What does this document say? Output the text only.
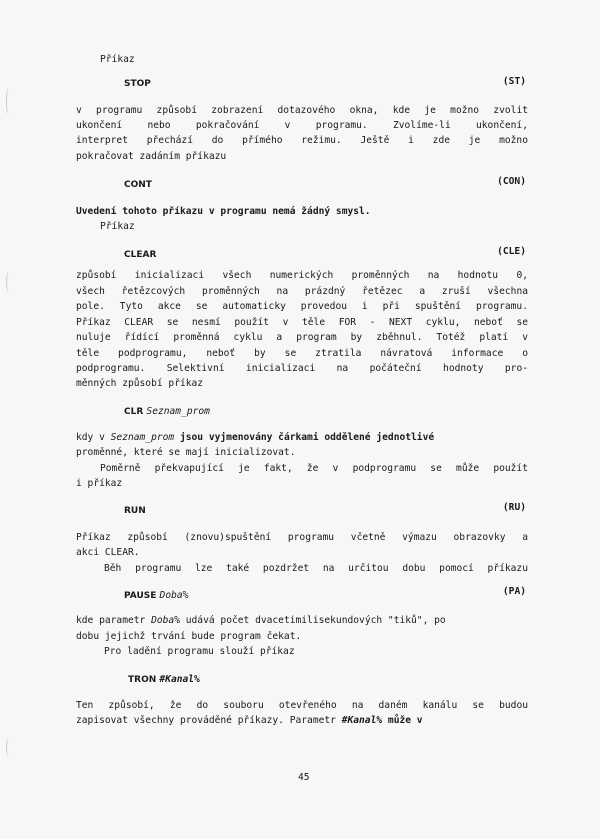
Příkaz

STOP	(ST)

v programu způsobí zobrazení dotazového okna, kde je možno zvolit

ukončení nebo pokračování v programu. Zvolíme-li ukončení,

interpret přechází do přímého režimu. Ještě i zde je možno

pokračovat zadáním příkazu

CONT	(CON)

Uvedení tohoto příkazu v programu nemá žádný smysl.

Příkaz

CLEAR	(CLE)

způsobí inicializaci všech numerických proměnných na hodnotu 0,

všech řetězcových proměnných na prázdný řetězec a zruší všechna

pole. Tyto akce se automaticky provedou i při spuštění programu.

Příkaz CLEAR se nesmí použít v těle FOR - NEXT cyklu, neboť se

nuluje řídící proměnná cyklu a program by zběhnul. Totéž platí v

těle podprogramu, neboť by se ztratila návratová informace o

podprogramu. Selektivní inicializaci na počáteční hodnoty pro-

měnných způsobí příkaz

CLR Seznam_prom

kdy v Seznam_prom jsou vyjmenovány čárkami oddělené jednotlivé

proměnné, které se mají inicializovat.

Poměrně překvapující je fakt, že v podprogramu se může použít

i příkaz

RUN	(RU)

Příkaz způsobí (znovu)spuštění programu včetně výmazu obrazovky a

akci CLEAR.

Běh programu lze také pozdržet na určitou dobu pomocí příkazu

PAUSE Doba%	(PA)

kde parametr Doba% udává počet dvacetimilisekundových "tiků", po

dobu jejichž trvání bude program čekat.

Pro ladění programu slouží příkaz

TRON #Kanal%

Ten způsobí, že do souboru otevřeného na daném kanálu se budou

zapisovat všechny prováděné příkazy. Parametr #Kanal% může v

45
